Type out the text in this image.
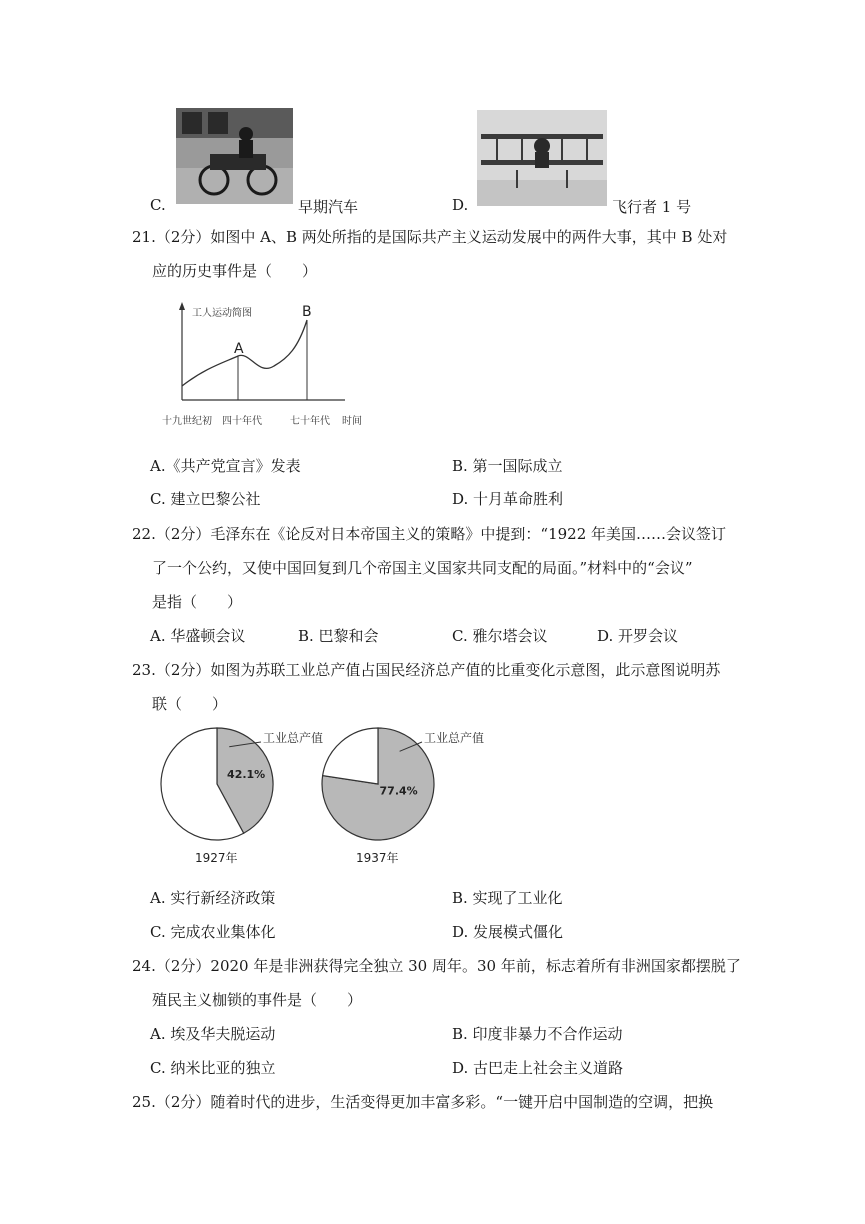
C.	早期汽车	D.	飞行者 1 号
21.（2分）如图中 A、B 两处所指的是国际共产主义运动发展中的两件大事，其中 B 处对
应的历史事件是（　　）
工人运动简图
A
B
十九世纪初 四十年代	七十年代 时间
A.《共产党宣言》发表	B. 第一国际成立
C. 建立巴黎公社	D. 十月革命胜利
22.（2分）毛泽东在《论反对日本帝国主义的策略》中提到：“1922 年美国……会议签订
了一个公约，又使中国回复到几个帝国主义国家共同支配的局面。”材料中的“会议”
是指（　　）
A. 华盛顿会议	B. 巴黎和会	C. 雅尔塔会议	D. 开罗会议
23.（2分）如图为苏联工业总产值占国民经济总产值的比重变化示意图，此示意图说明苏
联（　　）
42.1%
工业总产值
1927年
77.4%
工业总产值
1937年
A. 实行新经济政策	B. 实现了工业化
C. 完成农业集体化	D. 发展模式僵化
24.（2分）2020 年是非洲获得完全独立 30 周年。30 年前，标志着所有非洲国家都摆脱了
殖民主义枷锁的事件是（　　）
A. 埃及华夫脱运动	B. 印度非暴力不合作运动
C. 纳米比亚的独立	D. 古巴走上社会主义道路
25.（2分）随着时代的进步，生活变得更加丰富多彩。“一键开启中国制造的空调，把换
